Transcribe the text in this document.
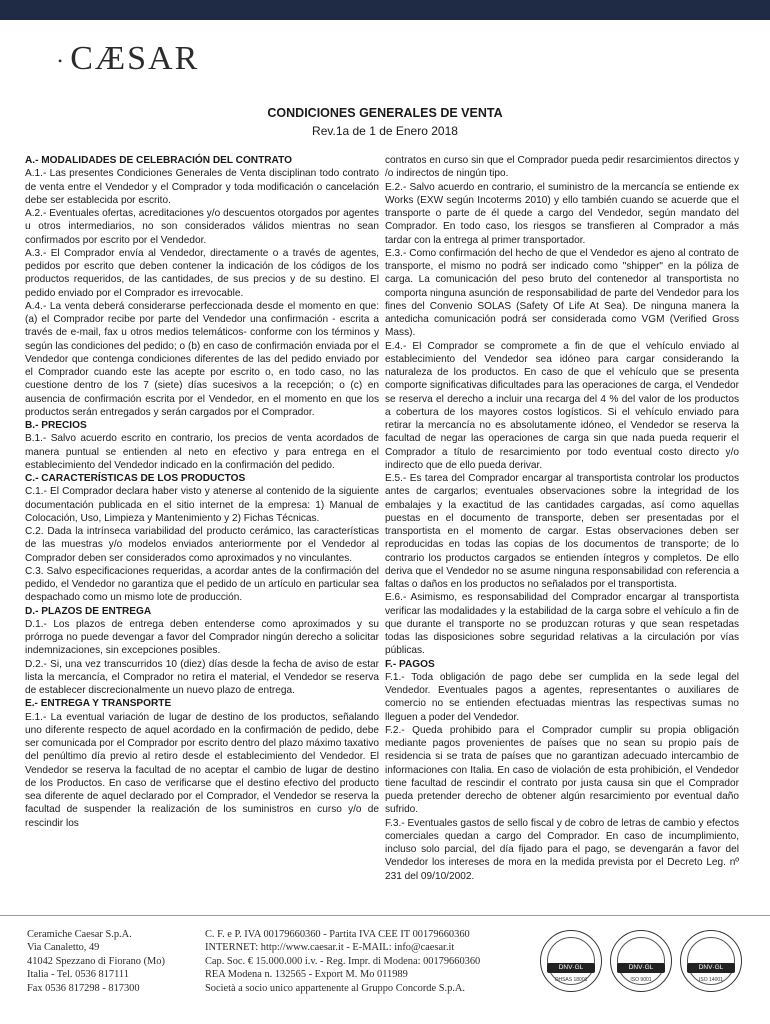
• CÆSAR
CONDICIONES GENERALES DE VENTA
Rev.1a de 1 de Enero 2018

A.- MODALIDADES DE CELEBRACIÓN DEL CONTRATO

A.1.- Las presentes Condiciones Generales de Venta disciplinan todo contrato de venta entre el Vendedor y el Comprador y toda modificación o cancelación debe ser establecida por escrito.

A.2.- Eventuales ofertas, acreditaciones y/o descuentos otorgados por agentes u otros intermediarios, no son considerados válidos mientras no sean confirmados por escrito por el Vendedor.

A.3.- El Comprador envía al Vendedor, directamente o a través de agentes, pedidos por escrito que deben contener la indicación de los códigos de los productos requeridos, de las cantidades, de sus precios y de su destino. El pedido enviado por el Comprador es irrevocable.

A.4.- La venta deberá considerarse perfeccionada desde el momento en que: (a) el Comprador recibe por parte del Vendedor una confirmación - escrita a través de e-mail, fax u otros medios telemáticos- conforme con los términos y según las condiciones del pedido; o (b) en caso de confirmación enviada por el Vendedor que contenga condiciones diferentes de las del pedido enviado por el Comprador cuando este las acepte por escrito o, en todo caso, no las cuestione dentro de los 7 (siete) días sucesivos a la recepción; o (c) en ausencia de confirmación escrita por el Vendedor, en el momento en que los productos serán entregados y serán cargados por el Comprador.

B.- PRECIOS

B.1.- Salvo acuerdo escrito en contrario, los precios de venta acordados de manera puntual se entienden al neto en efectivo y para entrega en el establecimiento del Vendedor indicado en la confirmación del pedido.

C.- CARACTERÍSTICAS DE LOS PRODUCTOS

C.1.- El Comprador declara haber visto y atenerse al contenido de la siguiente documentación publicada en el sitio internet de la empresa: 1) Manual de Colocación, Uso, Limpieza y Mantenimiento y 2) Fichas Técnicas.

C.2. Dada la intrínseca variabilidad del producto cerámico, las características de las muestras y/o modelos enviados anteriormente por el Vendedor al Comprador deben ser considerados como aproximados y no vinculantes.

C.3. Salvo especificaciones requeridas, a acordar antes de la confirmación del pedido, el Vendedor no garantiza que el pedido de un artículo en particular sea despachado como un mismo lote de producción.

D.- PLAZOS DE ENTREGA

D.1.- Los plazos de entrega deben entenderse como aproximados y su prórroga no puede devengar a favor del Comprador ningún derecho a solicitar indemnizaciones, sin excepciones posibles.

D.2.- Si, una vez transcurridos 10 (diez) días desde la fecha de aviso de estar lista la mercancía, el Comprador no retira el material, el Vendedor se reserva de establecer discrecionalmente un nuevo plazo de entrega.

E.- ENTREGA Y TRANSPORTE

E.1.- La eventual variación de lugar de destino de los productos, señalando uno diferente respecto de aquel acordado en la confirmación de pedido, debe ser comunicada por el Comprador por escrito dentro del plazo máximo taxativo del penúltimo día previo al retiro desde el establecimiento del Vendedor. El Vendedor se reserva la facultad de no aceptar el cambio de lugar de destino de los Productos. En caso de verificarse que el destino efectivo del producto sea diferente de aquel declarado por el Comprador, el Vendedor se reserva la facultad de suspender la realización de los suministros en curso y/o de rescindir los

contratos en curso sin que el Comprador pueda pedir resarcimientos directos y /o indirectos de ningún tipo.

E.2.- Salvo acuerdo en contrario, el suministro de la mercancía se entiende ex Works (EXW según Incoterms 2010) y ello también cuando se acuerde que el transporte o parte de él quede a cargo del Vendedor, según mandato del Comprador. En todo caso, los riesgos se transfieren al Comprador a más tardar con la entrega al primer transportador.

E.3.- Como confirmación del hecho de que el Vendedor es ajeno al contrato de transporte, el mismo no podrá ser indicado como "shipper" en la póliza de carga. La comunicación del peso bruto del contenedor al transportista no comporta ninguna asunción de responsabilidad de parte del Vendedor para los fines del Convenio SOLAS (Safety Of Life At Sea). De ninguna manera la antedicha comunicación podrá ser considerada como VGM (Verified Gross Mass).

E.4.- El Comprador se compromete a fin de que el vehículo enviado al establecimiento del Vendedor sea idóneo para cargar considerando la naturaleza de los productos. En caso de que el vehículo que se presenta comporte significativas dificultades para las operaciones de carga, el Vendedor se reserva el derecho a incluir una recarga del 4 % del valor de los productos a cobertura de los mayores costos logísticos. Si el vehículo enviado para retirar la mercancía no es absolutamente idóneo, el Vendedor se reserva la facultad de negar las operaciones de carga sin que nada pueda requerir el Comprador a título de resarcimiento por todo eventual costo directo y/o indirecto que de ello pueda derivar.

E.5.- Es tarea del Comprador encargar al transportista controlar los productos antes de cargarlos; eventuales observaciones sobre la integridad de los embalajes y la exactitud de las cantidades cargadas, así como aquellas puestas en el documento de transporte, deben ser presentadas por el transportista en el momento de cargar. Estas observaciones deben ser reproducidas en todas las copias de los documentos de transporte; de lo contrario los productos cargados se entienden íntegros y completos. De ello deriva que el Vendedor no se asume ninguna responsabilidad con referencia a faltas o daños en los productos no señalados por el transportista.

E.6.- Asimismo, es responsabilidad del Comprador encargar al transportista verificar las modalidades y la estabilidad de la carga sobre el vehículo a fin de que durante el transporte no se produzcan roturas y que sean respetadas todas las disposiciones sobre seguridad relativas a la circulación por vías públicas.

F.- PAGOS

F.1.- Toda obligación de pago debe ser cumplida en la sede legal del Vendedor. Eventuales pagos a agentes, representantes o auxiliares de comercio no se entienden efectuadas mientras las respectivas sumas no lleguen a poder del Vendedor.

F.2.- Queda prohibido para el Comprador cumplir su propia obligación mediante pagos provenientes de países que no sean su propio país de residencia si se trata de países que no garantizan adecuado intercambio de informaciones con Italia. En caso de violación de esta prohibición, el Vendedor tiene facultad de rescindir el contrato por justa causa sin que el Comprador pueda pretender derecho de obtener algún resarcimiento por eventual daño sufrido.

F.3.- Eventuales gastos de sello fiscal y de cobro de letras de cambio y efectos comerciales quedan a cargo del Comprador. En caso de incumplimiento, incluso solo parcial, del día fijado para el pago, se devengarán a favor del Vendedor los intereses de mora en la medida prevista por el Decreto Leg. nº 231 del 09/10/2002.

Ceramiche Caesar S.p.A.
Via Canaletto, 49
41042 Spezzano di Fiorano (Mo)
Italia - Tel. 0536 817111
Fax 0536 817298 - 817300
C. F. e P. IVA 00179660360 - Partita IVA CEE IT 00179660360
INTERNET: http://www.caesar.it - E-MAIL: info@caesar.it
Cap. Soc. € 15.000.000 i.v. - Reg. Impr. di Modena: 00179660360
REA Modena n. 132565 - Export M. Mo 011989
Società a socio unico appartenente al Gruppo Concorde S.p.A.
DNV·GL
OHSAS 18001
DNV·GL
ISO 9001
DNV·GL
ISO 14001
